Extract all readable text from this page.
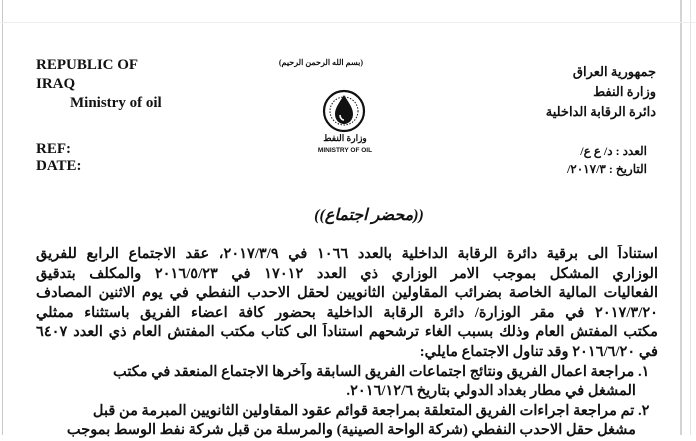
REPUBLIC OF
IRAQ
Ministry of oil
REF:
DATE:
(بسم الله الرحمن الرحيم)
وزارة النفط
MINISTRY OF OIL
جمهورية العراق
وزارة النفط
دائرة الرقابة الداخلية
العدد : د/ ع ع/
التاريخ : ٢٠١٧/٣/
((محضر اجتماع))
استناداً الى برقية دائرة الرقابة الداخلية بالعدد ١٠٦٦ في ٢٠١٧/٣/٩، عقد الاجتماع الرابع للفريق
الوزاري المشكل بموجب الامر الوزاري ذي العدد ١٧٠١٢ في ٢٠١٦/٥/٢٣ والمكلف بتدقيق
الفعاليات المالية الخاصة بضرائب المقاولين الثانويين لحقل الاحدب النفطي في يوم الاثنين المصادف
٢٠١٧/٣/٢٠ في مقر الوزارة/ دائرة الرقابة الداخلية بحضور كافة اعضاء الفريق باستثناء ممثلي
مكتب المفتش العام وذلك بسبب الغاء ترشحهم استناداً الى كتاب مكتب المفتش العام ذي العدد ٦٤٠٧
في ٢٠١٦/٦/٢٠ وقد تناول الاجتماع مايلي:
١. مراجعة اعمال الفريق ونتائج اجتماعات الفريق السابقة وآخرها الاجتماع المنعقد في مكتب
المشغل في مطار بغداد الدولي بتاريخ ٢٠١٦/١٢/٦.
٢. تم مراجعة اجراءات الفريق المتعلقة بمراجعة قوائم عقود المقاولين الثانويين المبرمة من قبل
مشغل حقل الاحدب النفطي (شركة الواحة الصينية) والمرسلة من قبل شركة نفط الوسط بموجب
